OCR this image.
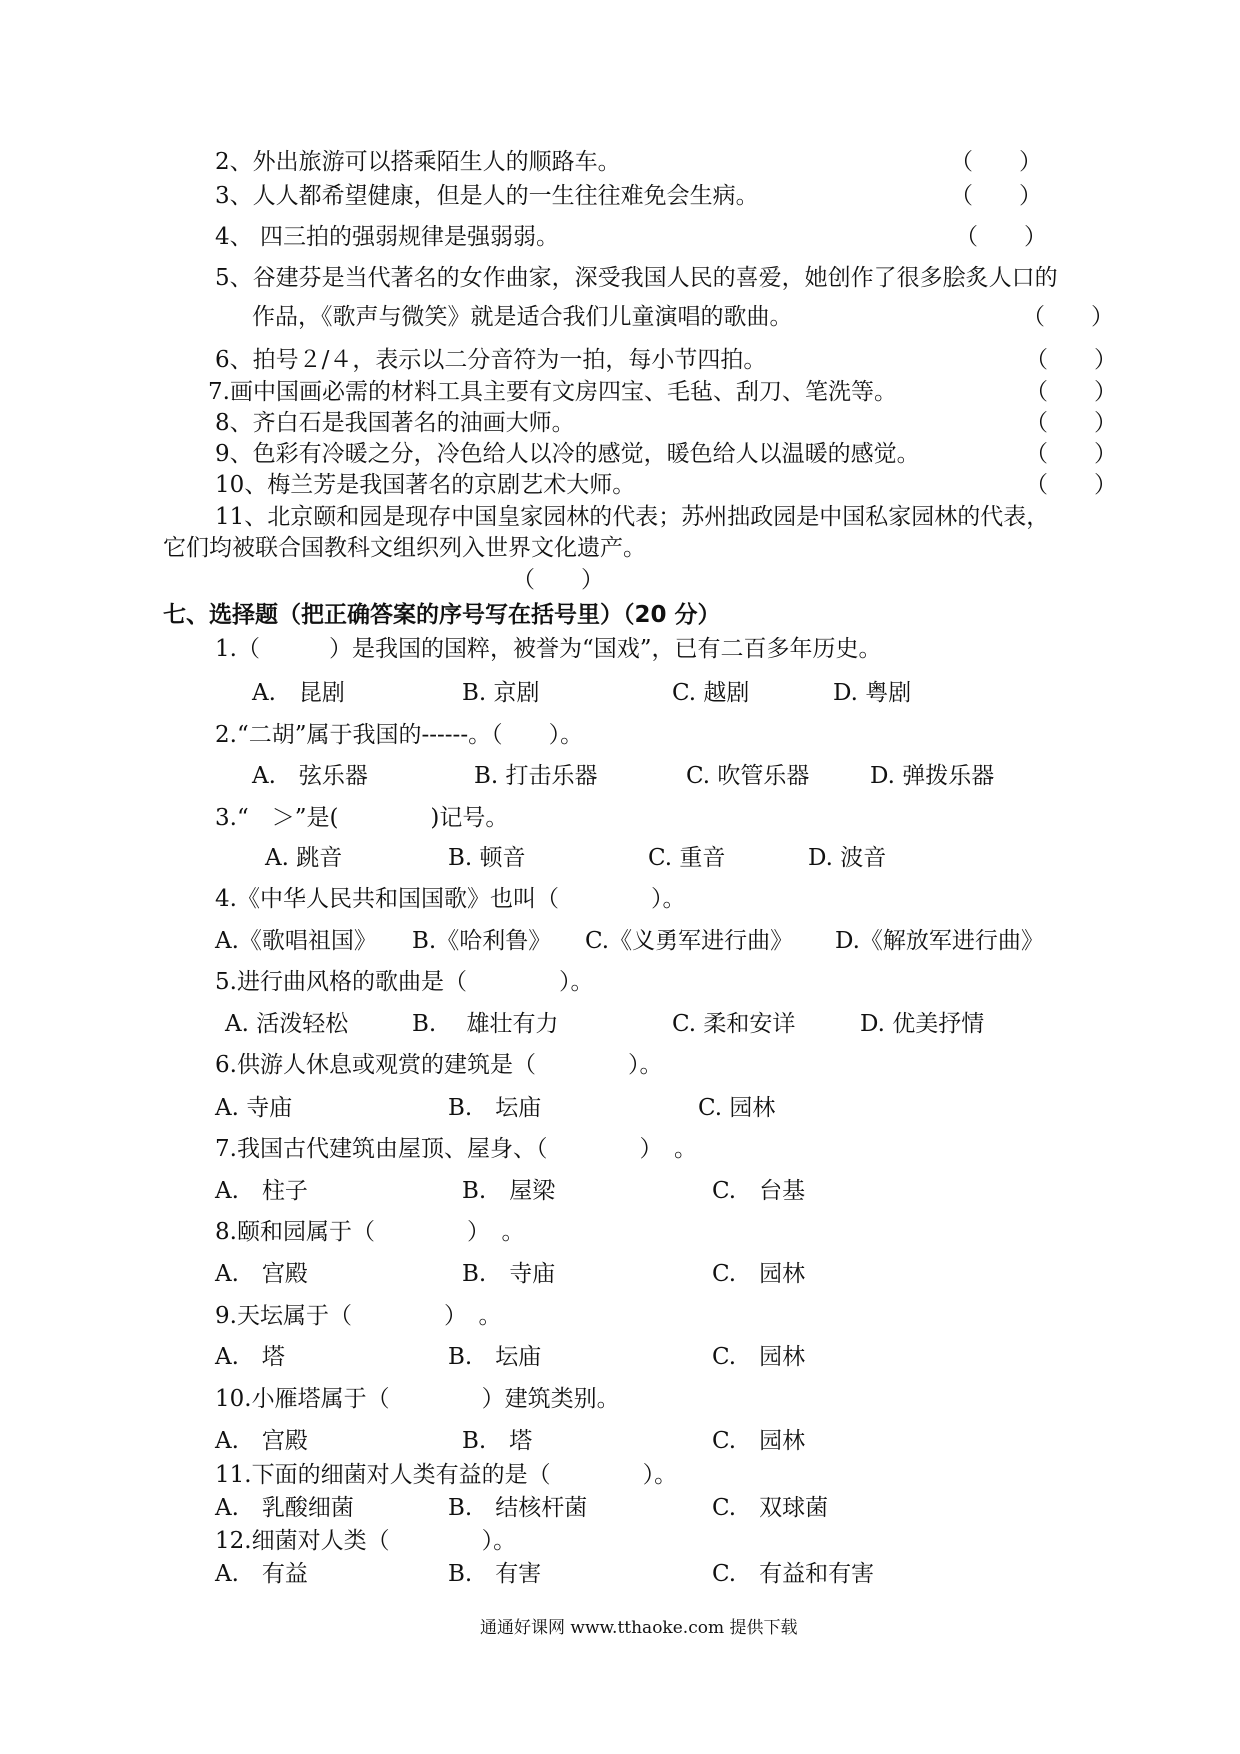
2、外出旅游可以搭乘陌生人的顺路车。	（　　）
3、人人都希望健康，但是人的一生往往难免会生病。	（　　）
4、 四三拍的强弱规律是强弱弱。	（　　）
5、谷建芬是当代著名的女作曲家，深受我国人民的喜爱，她创作了很多脍炙人口的
作品，《歌声与微笑》就是适合我们儿童演唱的歌曲。	（　　）
6、拍号２/４，表示以二分音符为一拍，每小节四拍。	（　　）
7.画中国画必需的材料工具主要有文房四宝、毛毡、刮刀、笔洗等。	（　　）
8、齐白石是我国著名的油画大师。	（　　）
9、色彩有冷暖之分，冷色给人以冷的感觉，暖色给人以温暖的感觉。	（　　）
10、梅兰芳是我国著名的京剧艺术大师。	（　　）
11、北京颐和园是现存中国皇家园林的代表；苏州拙政园是中国私家园林的代表，
它们均被联合国教科文组织列入世界文化遗产。
（　　）
七、选择题（把正确答案的序号写在括号里）（20 分）
1.（　　　）是我国的国粹，被誉为“国戏”，已有二百多年历史。
A.　昆剧	B. 京剧	C. 越剧	D. 粤剧
2.“二胡”属于我国的------。（　　）。
A.　弦乐器	B. 打击乐器	C. 吹管乐器	D. 弹拨乐器
3.“　＞”是(　　　　)记号。
A. 跳音	B. 顿音	C. 重音	D. 波音
4.《中华人民共和国国歌》也叫（　　　　）。
A.《歌唱祖国》 B.《哈利鲁》 C.《义勇军进行曲》 D.《解放军进行曲》
5.进行曲风格的歌曲是（　　　　）。
A. 活泼轻松	B.　 雄壮有力	C. 柔和安详	D. 优美抒情
6.供游人休息或观赏的建筑是（　　　　）。
A. 寺庙	B.　坛庙	C. 园林
7.我国古代建筑由屋顶、屋身、（　　　　）　。
A.　柱子	B.　屋梁	C.　台基
8.颐和园属于（　　　　）　。
A.　宫殿	B.　寺庙	C.　园林
9.天坛属于（　　　　）　。
A.　塔	B.　坛庙	C.　园林
10.小雁塔属于（　　　　）建筑类别。
A.　宫殿	B.　塔	C.　园林
11.下面的细菌对人类有益的是（　　　　）。
A.　乳酸细菌	B.　结核杆菌	C.　双球菌
12.细菌对人类（　　　　）。
A.　有益	B.　有害	C.　有益和有害
通通好课网 www.tthaoke.com 提供下载
